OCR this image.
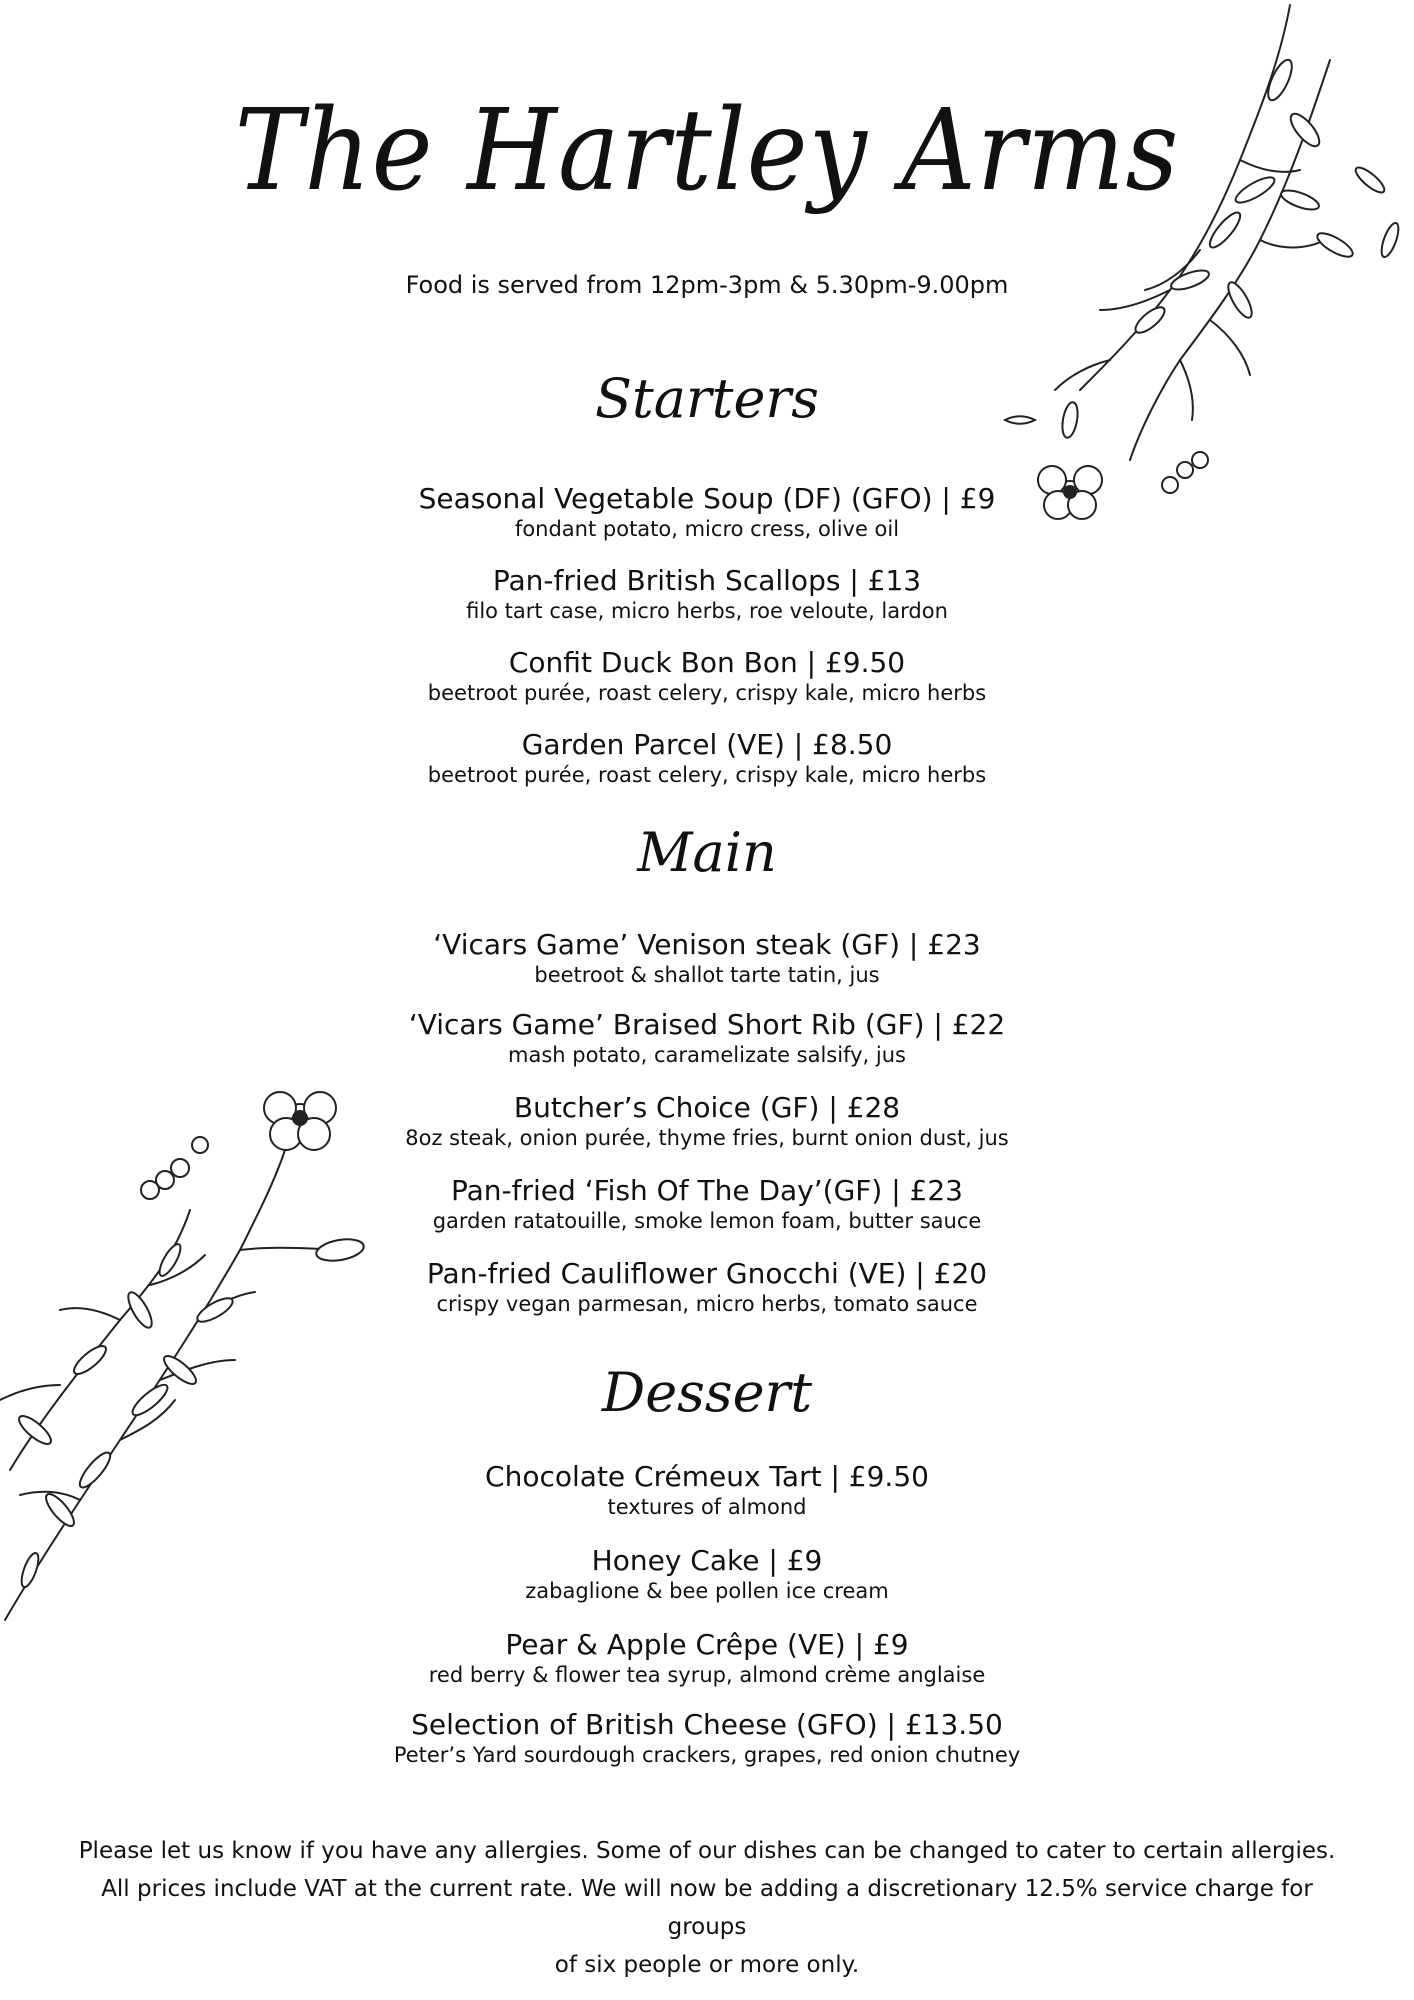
The Hartley Arms
Food is served from 12pm-3pm & 5.30pm-9.00pm
Starters
Seasonal Vegetable Soup (DF) (GFO) | £9
fondant potato, micro cress, olive oil
Pan-fried British Scallops | £13
filo tart case, micro herbs, roe veloute, lardon
Confit Duck Bon Bon | £9.50
beetroot purée, roast celery, crispy kale, micro herbs
Garden Parcel (VE) | £8.50
beetroot purée, roast celery, crispy kale, micro herbs
Main
‘Vicars Game’ Venison steak (GF) | £23
beetroot & shallot tarte tatin, jus
‘Vicars Game’ Braised Short Rib (GF) | £22
mash potato, caramelizate salsify, jus
Butcher’s Choice (GF) | £28
8oz steak, onion purée, thyme fries, burnt onion dust, jus
Pan-fried ‘Fish Of The Day’(GF) | £23
garden ratatouille, smoke lemon foam, butter sauce
Pan-fried Cauliflower Gnocchi (VE) | £20
crispy vegan parmesan, micro herbs, tomato sauce
Dessert
Chocolate Crémeux Tart | £9.50
textures of almond
Honey Cake | £9
zabaglione & bee pollen ice cream
Pear & Apple Crêpe (VE) | £9
red berry & flower tea syrup, almond crème anglaise
Selection of British Cheese (GFO) | £13.50
Peter’s Yard sourdough crackers, grapes, red onion chutney
Please let us know if you have any allergies. Some of our dishes can be changed to cater to certain allergies.
All prices include VAT at the current rate. We will now be adding a discretionary 12.5% service charge for groups
of six people or more only.
